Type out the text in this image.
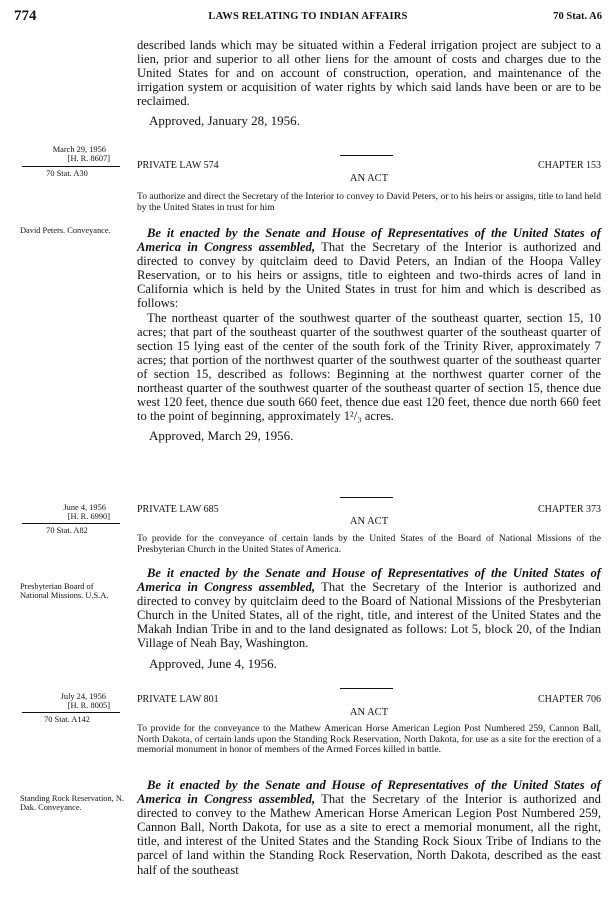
774	LAWS RELATING TO INDIAN AFFAIRS	70 Stat. A6

described lands which may be situated within a Federal irrigation project are subject to a lien, prior and superior to all other liens for the amount of costs and charges due to the United States for and on account of construction, operation, and maintenance of the irrigation system or acquisition of water rights by which said lands have been or are to be reclaimed.

Approved, January 28, 1956.

March 29, 1956
[H. R. 8607]
70 Stat. A30
PRIVATE LAW 574	CHAPTER 153
AN ACT
To authorize and direct the Secretary of the Interior to convey to David Peters, or to his heirs or assigns, title to land held by the United States in trust for him
David Peters. Conveyance.	Be it enacted by the Senate and House of Representatives of the United States of America in Congress assembled, That the Secretary of the Interior is authorized and directed to convey by quitclaim deed to David Peters, an Indian of the Hoopa Valley Reservation, or to his heirs or assigns, title to eighteen and two-thirds acres of land in California which is held by the United States in trust for him and which is described as follows:

The northeast quarter of the southwest quarter of the southeast quarter, section 15, 10 acres; that part of the southeast quarter of the southwest quarter of the southeast quarter of section 15 lying east of the center of the south fork of the Trinity River, approximately 7 acres; that portion of the northwest quarter of the southwest quarter of the southeast quarter of section 15, described as follows: Beginning at the northwest quarter corner of the northeast quarter of the southwest quarter of the southeast quarter of section 15, thence due west 120 feet, thence due south 660 feet, thence due east 120 feet, thence due north 660 feet to the point of beginning, approximately 1²/₃ acres.

Approved, March 29, 1956.

June 4, 1956
[H. R. 6990]
70 Stat. A82
PRIVATE LAW 685	CHAPTER 373
AN ACT
To provide for the conveyance of certain lands by the United States of the Board of National Missions of the Presbyterian Church in the United States of America.
Presbyterian Board of National Missions. U.S.A.

Be it enacted by the Senate and House of Representatives of the United States of America in Congress assembled, That the Secretary of the Interior is authorized and directed to convey by quitclaim deed to the Board of National Missions of the Presbyterian Church in the United States, all of the right, title, and interest of the United States and the Makah Indian Tribe in and to the land designated as follows: Lot 5, block 20, of the Indian Village of Neah Bay, Washington.

Approved, June 4, 1956.

July 24, 1956
[H. R. 8005]
70 Stat. A142
PRIVATE LAW 801	CHAPTER 706
AN ACT
To provide for the conveyance to the Mathew American Horse American Legion Post Numbered 259, Cannon Ball, North Dakota, of certain lands upon the Standing Rock Reservation, North Dakota, for use as a site for the erection of a memorial monument in honor of members of the Armed Forces killed in battle.
Standing Rock Reservation, N. Dak. Conveyance.

Be it enacted by the Senate and House of Representatives of the United States of America in Congress assembled, That the Secretary of the Interior is authorized and directed to convey to the Mathew American Horse American Legion Post Numbered 259, Cannon Ball, North Dakota, for use as a site to erect a memorial monument, all the right, title, and interest of the United States and the Standing Rock Sioux Tribe of Indians to the parcel of land within the Standing Rock Reservation, North Dakota, described as the east half of the southeast
